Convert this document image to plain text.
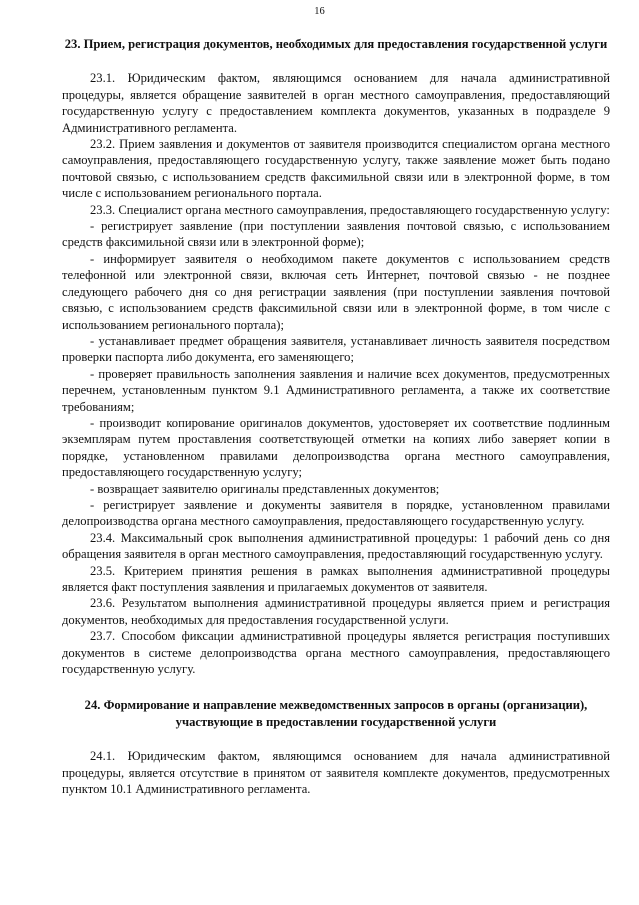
16
23. Прием, регистрация документов, необходимых для предоставления государственной услуги

23.1. Юридическим фактом, являющимся основанием для начала административной процедуры, является обращение заявителей в орган местного самоуправления, предоставляющий государственную услугу с предоставлением комплекта документов, указанных в подразделе 9 Административного регламента.

23.2. Прием заявления и документов от заявителя производится специалистом органа местного самоуправления, предоставляющего государственную услугу, также заявление может быть подано почтовой связью, с использованием средств факсимильной связи или в электронной форме, в том числе с использованием регионального портала.

23.3. Специалист органа местного самоуправления, предоставляющего государственную услугу:

- регистрирует заявление (при поступлении заявления почтовой связью, с использованием средств факсимильной связи или в электронной форме);

- информирует заявителя о необходимом пакете документов с использованием средств телефонной или электронной связи, включая сеть Интернет, почтовой связью - не позднее следующего рабочего дня со дня регистрации заявления (при поступлении заявления почтовой связью, с использованием средств факсимильной связи или в электронной форме, в том числе с использованием регионального портала);

- устанавливает предмет обращения заявителя, устанавливает личность заявителя посредством проверки паспорта либо документа, его заменяющего;

- проверяет правильность заполнения заявления и наличие всех документов, предусмотренных перечнем, установленным пунктом 9.1 Административного регламента, а также их соответствие требованиям;

- производит копирование оригиналов документов, удостоверяет их соответствие подлинным экземплярам путем проставления соответствующей отметки на копиях либо заверяет копии в порядке, установленном правилами делопроизводства органа местного самоуправления, предоставляющего государственную услугу;

- возвращает заявителю оригиналы представленных документов;

- регистрирует заявление и документы заявителя в порядке, установленном правилами делопроизводства органа местного самоуправления, предоставляющего государственную услугу.

23.4. Максимальный срок выполнения административной процедуры: 1 рабочий день со дня обращения заявителя в орган местного самоуправления, предоставляющий государственную услугу.

23.5. Критерием принятия решения в рамках выполнения административной процедуры является факт поступления заявления и прилагаемых документов от заявителя.

23.6. Результатом выполнения административной процедуры является прием и регистрация документов, необходимых для предоставления государственной услуги.

23.7. Способом фиксации административной процедуры является регистрация поступивших документов в системе делопроизводства органа местного самоуправления, предоставляющего государственную услугу.

24. Формирование и направление межведомственных запросов в органы (организации), участвующие в предоставлении государственной услуги

24.1. Юридическим фактом, являющимся основанием для начала административной процедуры, является отсутствие в принятом от заявителя комплекте документов, предусмотренных пунктом 10.1 Административного регламента.
